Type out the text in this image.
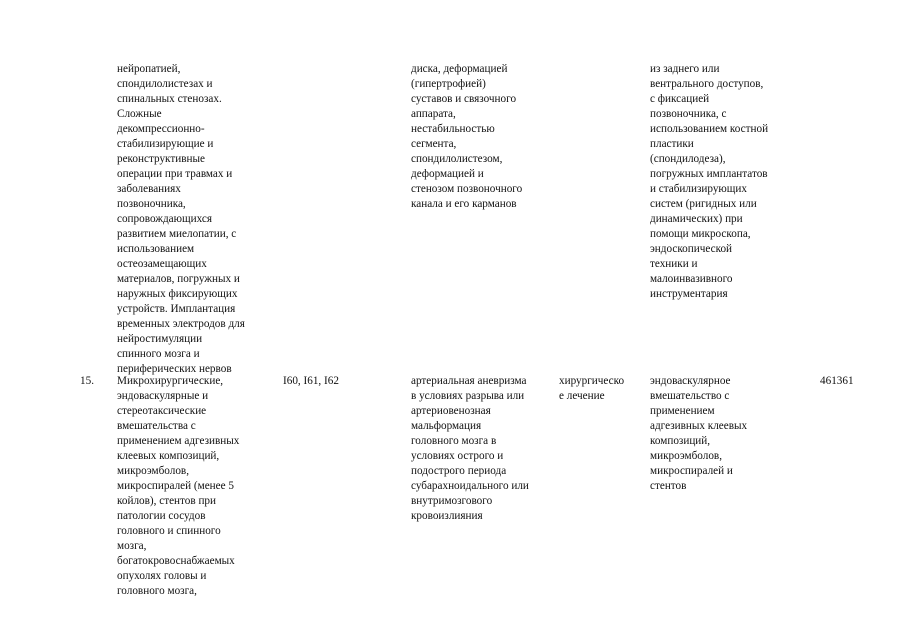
нейропатией,
спондилолистезах и
спинальных стенозах.
Сложные
декомпрессионно-
стабилизирующие и
реконструктивные
операции при травмах и
заболеваниях
позвоночника,
сопровождающихся
развитием миелопатии, с
использованием
остеозамещающих
материалов, погружных и
наружных фиксирующих
устройств. Имплантация
временных электродов для
нейростимуляции
спинного мозга и
периферических нервов
диска, деформацией
(гипертрофией)
суставов и связочного
аппарата,
нестабильностью
сегмента,
спондилолистезом,
деформацией и
стенозом позвоночного
канала и его карманов
из заднего или
вентрального доступов,
с фиксацией
позвоночника, с
использованием костной
пластики
(спондилодеза),
погружных имплантатов
и стабилизирующих
систем (ригидных или
динамических) при
помощи микроскопа,
эндоскопической
техники и
малоинвазивного
инструментария
15. Микрохирургические,
эндоваскулярные и
стереотаксические
вмешательства с
применением адгезивных
клеевых композиций,
микроэмболов,
микроспиралей (менее 5
койлов), стентов при
патологии сосудов
головного и спинного
мозга,
богатокровоснабжаемых
опухолях головы и
головного мозга,
I60, I61, I62	артериальная аневризма
в условиях разрыва или
артериовенозная
мальформация
головного мозга в
условиях острого и
подострого периода
субарахноидального или
внутримозгового
кровоизлияния
хирургическо
е лечение
эндоваскулярное
вмешательство с
применением
адгезивных клеевых
композиций,
микроэмболов,
микроспиралей и
стентов
461361
